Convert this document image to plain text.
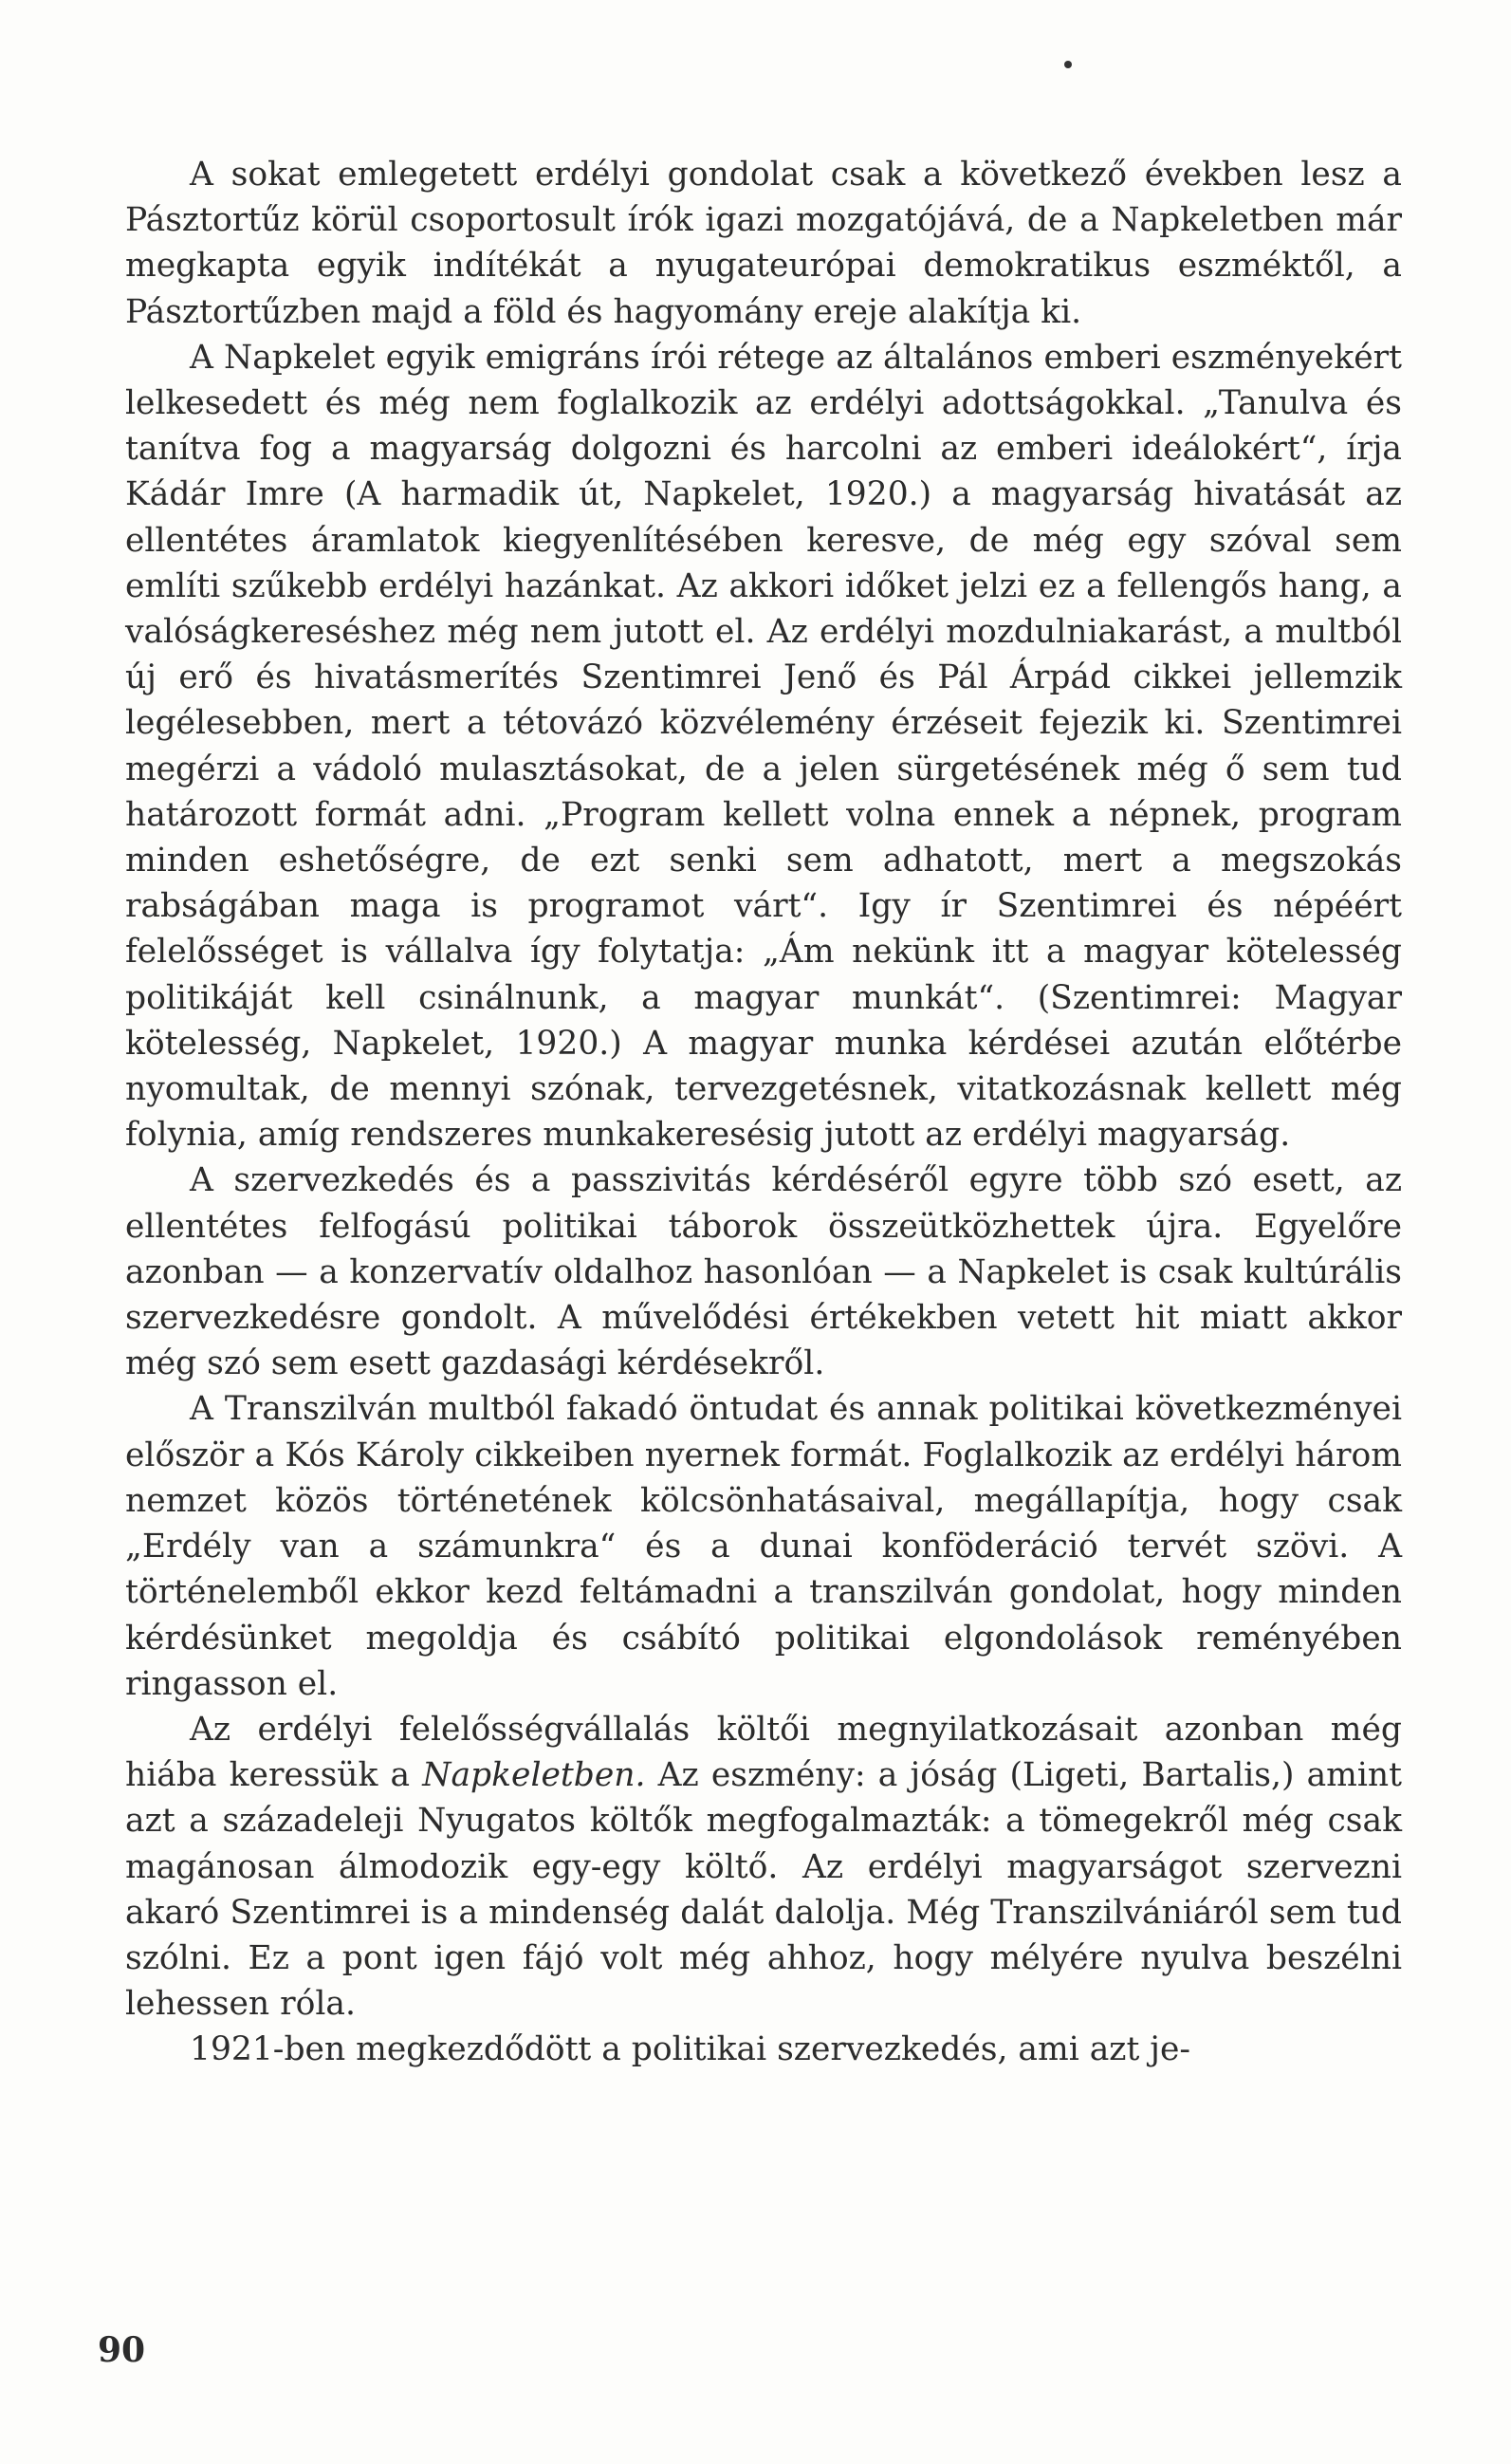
A sokat emlegetett erdélyi gondolat csak a következő években lesz a Pásztortűz körül csoportosult írók igazi mozgatójává, de a Napkeletben már megkapta egyik indítékát a nyugateurópai demokratikus eszméktől, a Pásztortűzben majd a föld és hagyomány ereje alakítja ki.

A Napkelet egyik emigráns írói rétege az általános emberi eszményekért lelkesedett és még nem foglalkozik az erdélyi adottságokkal. „Tanulva és tanítva fog a magyarság dolgozni és harcolni az emberi ideálokért“, írja Kádár Imre (A harmadik út, Napkelet, 1920.) a magyarság hivatását az ellentétes áramlatok kiegyenlítésében keresve, de még egy szóval sem említi szűkebb erdélyi hazánkat. Az akkori időket jelzi ez a fellengős hang, a valóságkereséshez még nem jutott el. Az erdélyi mozdulniakarást, a multból új erő és hivatásmerítés Szentimrei Jenő és Pál Árpád cikkei jellemzik legélesebben, mert a tétovázó közvélemény érzéseit fejezik ki. Szentimrei megérzi a vádoló mulasztásokat, de a jelen sürgetésének még ő sem tud határozott formát adni. „Program kellett volna ennek a népnek, program minden eshetőségre, de ezt senki sem adhatott, mert a megszokás rabságában maga is programot várt“. Igy ír Szentimrei és népéért felelősséget is vállalva így folytatja: „Ám nekünk itt a magyar kötelesség politikáját kell csinálnunk, a magyar munkát“. (Szentimrei: Magyar kötelesség, Napkelet, 1920.) A magyar munka kérdései azután előtérbe nyomultak, de mennyi szónak, tervezgetésnek, vitatkozásnak kellett még folynia, amíg rendszeres munkakeresésig jutott az erdélyi magyarság.

A szervezkedés és a passzivitás kérdéséről egyre több szó esett, az ellentétes felfogású politikai táborok összeütközhettek újra. Egyelőre azonban — a konzervatív oldalhoz hasonlóan — a Napkelet is csak kultúrális szervezkedésre gondolt. A művelődési értékekben vetett hit miatt akkor még szó sem esett gazdasági kérdésekről.

A Transzilván multból fakadó öntudat és annak politikai következményei először a Kós Károly cikkeiben nyernek formát. Foglalkozik az erdélyi három nemzet közös történetének kölcsönhatásaival, megállapítja, hogy csak „Erdély van a számunkra“ és a dunai konföderáció tervét szövi. A történelemből ekkor kezd feltámadni a transzilván gondolat, hogy minden kérdésünket megoldja és csábító politikai elgondolások reményében ringasson el.

Az erdélyi felelősségvállalás költői megnyilatkozásait azonban még hiába keressük a Napkeletben. Az eszmény: a jóság (Ligeti, Bartalis,) amint azt a századeleji Nyugatos költők megfogalmazták: a tömegekről még csak magánosan álmodozik egy-egy költő. Az erdélyi magyarságot szervezni akaró Szentimrei is a mindenség dalát dalolja. Még Transzilvániáról sem tud szólni. Ez a pont igen fájó volt még ahhoz, hogy mélyére nyulva beszélni lehessen róla.

1921-ben megkezdődött a politikai szervezkedés, ami azt je-

90
